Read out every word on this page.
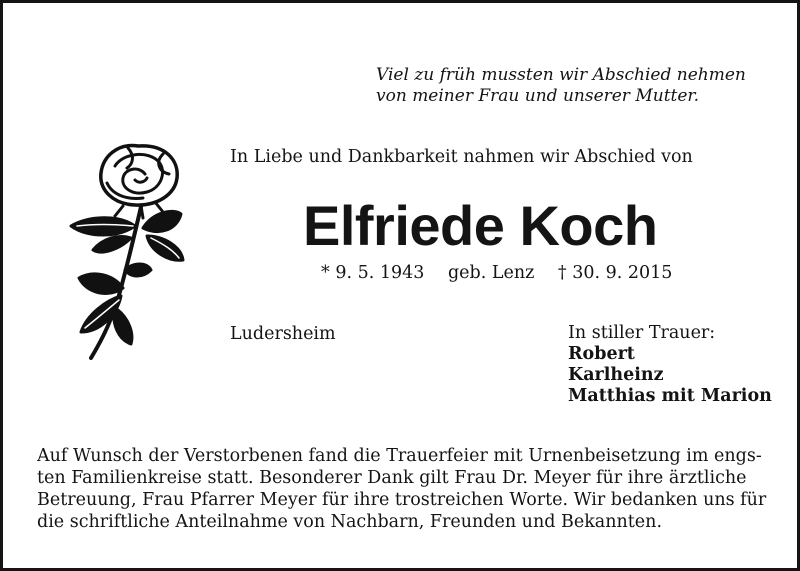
Viel zu früh mussten wir Abschied nehmen
von meiner Frau und unserer Mutter.
In Liebe und Dankbarkeit nahmen wir Abschied von
Elfriede Koch
* 9. 5. 1943 geb. Lenz † 30. 9. 2015
Ludersheim	In stiller Trauer:
Robert
Karlheinz
Matthias mit Marion
Auf Wunsch der Verstorbenen fand die Trauerfeier mit Urnenbeisetzung im engs-
ten Familienkreise statt. Besonderer Dank gilt Frau Dr. Meyer für ihre ärztliche
Betreuung, Frau Pfarrer Meyer für ihre trostreichen Worte. Wir bedanken uns für
die schriftliche Anteilnahme von Nachbarn, Freunden und Bekannten.
